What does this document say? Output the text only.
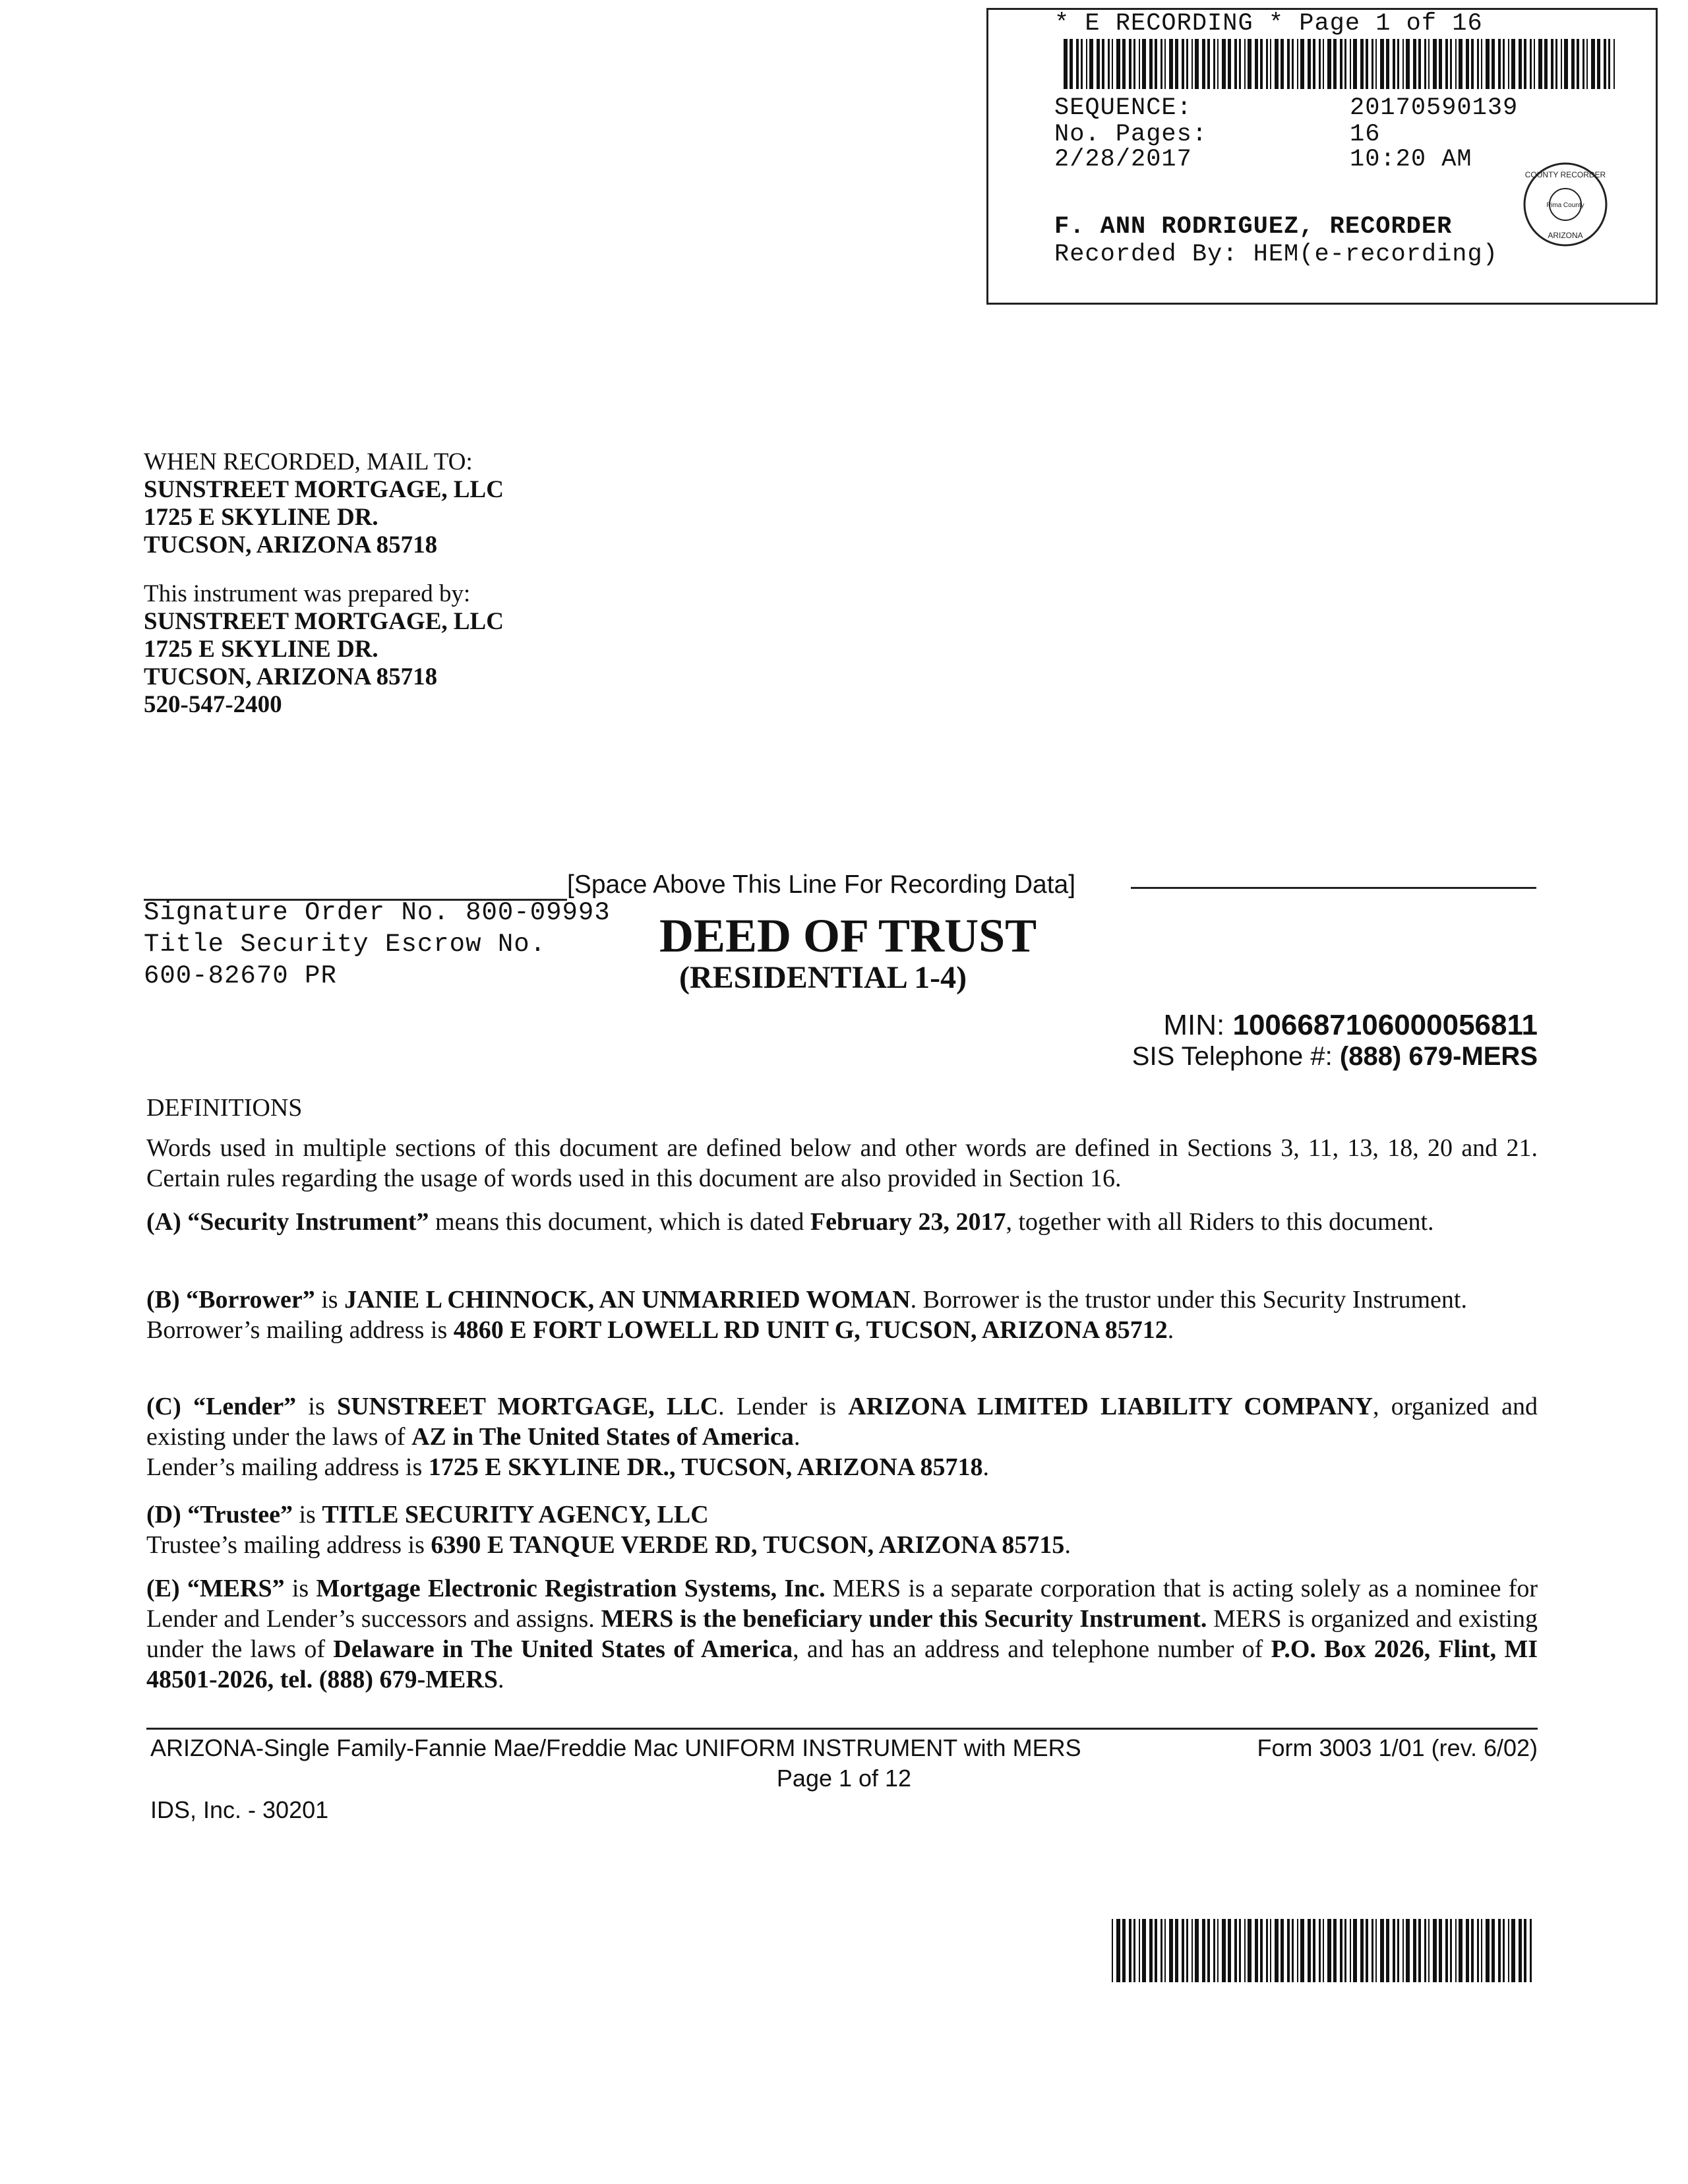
* E RECORDING * Page 1 of 16
SEQUENCE:	20170590139
No. Pages:	16
2/28/2017	10:20 AM
F. ANN RODRIGUEZ, RECORDER
Recorded By: HEM(e-recording)
COUNTY RECORDER
Pima County
ARIZONA
WHEN RECORDED, MAIL TO:
SUNSTREET MORTGAGE, LLC
1725 E SKYLINE DR.
TUCSON, ARIZONA 85718
This instrument was prepared by:
SUNSTREET MORTGAGE, LLC
1725 E SKYLINE DR.
TUCSON, ARIZONA 85718
520-547-2400
[Space Above This Line For Recording Data]
Signature Order No. 800-09993
Title Security Escrow No.
600-82670 PR
DEED OF TRUST
(RESIDENTIAL 1-4)
MIN: 1006687106000056811
SIS Telephone #: (888) 679-MERS
DEFINITIONS
Words used in multiple sections of this document are defined below and other words are defined in Sections 3, 11, 13, 18, 20 and 21. Certain rules regarding the usage of words used in this document are also provided in Section 16.
(A) “Security Instrument” means this document, which is dated February 23, 2017, together with all Riders to this document.
(B) “Borrower” is JANIE L CHINNOCK, AN UNMARRIED WOMAN. Borrower is the trustor under this Security Instrument.
Borrower’s mailing address is 4860 E FORT LOWELL RD UNIT G, TUCSON, ARIZONA 85712.
(C) “Lender” is SUNSTREET MORTGAGE, LLC. Lender is ARIZONA LIMITED LIABILITY COMPANY, organized and existing under the laws of AZ in The United States of America.
Lender’s mailing address is 1725 E SKYLINE DR., TUCSON, ARIZONA 85718.
(D) “Trustee” is TITLE SECURITY AGENCY, LLC
Trustee’s mailing address is 6390 E TANQUE VERDE RD, TUCSON, ARIZONA 85715.
(E) “MERS” is Mortgage Electronic Registration Systems, Inc. MERS is a separate corporation that is acting solely as a nominee for Lender and Lender’s successors and assigns. MERS is the beneficiary under this Security Instrument. MERS is organized and existing under the laws of Delaware in The United States of America, and has an address and telephone number of P.O. Box 2026, Flint, MI 48501-2026, tel. (888) 679-MERS.
ARIZONA-Single Family-Fannie Mae/Freddie Mac UNIFORM INSTRUMENT with MERS	Form 3003 1/01 (rev. 6/02)
Page 1 of 12
IDS, Inc. - 30201
